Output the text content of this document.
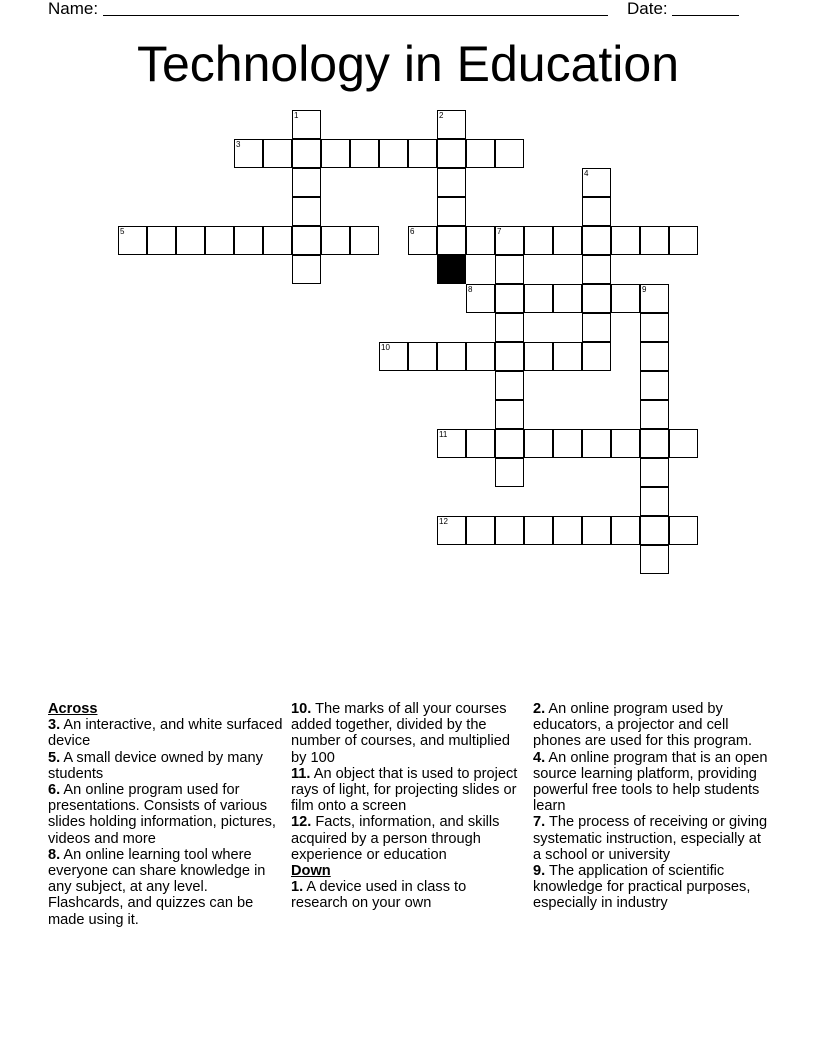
Name:	Date:
Technology in Education
1	2
3
4
5	6	7
8	9
10
11
12
Across
3. An interactive, and white surfaced device
5. A small device owned by many students
6. An online program used for presentations. Consists of various slides holding information, pictures, videos and more
8. An online learning tool where everyone can share knowledge in any subject, at any level. Flashcards, and quizzes can be made using it.
10. The marks of all your courses added together, divided by the number of courses, and multiplied by 100
11. An object that is used to project rays of light, for projecting slides or film onto a screen
12. Facts, information, and skills acquired by a person through experience or education
Down
1. A device used in class to research on your own
2. An online program used by educators, a projector and cell phones are used for this program.
4. An online program that is an open source learning platform, providing powerful free tools to help students learn
7. The process of receiving or giving systematic instruction, especially at a school or university
9. The application of scientific knowledge for practical purposes, especially in industry
